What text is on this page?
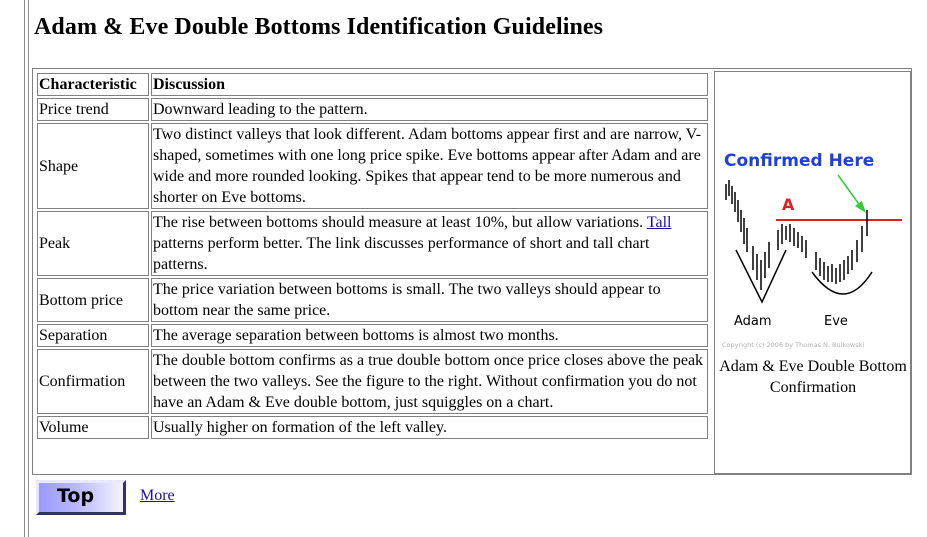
Adam & Eve Double Bottoms Identification Guidelines
Characteristic	Discussion
Price trend	Downward leading to the pattern.
Shape	Two distinct valleys that look different. Adam bottoms appear first and are narrow, V-shaped, sometimes with one long price spike. Eve bottoms appear after Adam and are wide and more rounded looking. Spikes that appear tend to be more numerous and shorter on Eve bottoms.
Peak	The rise between bottoms should measure at least 10%, but allow variations. Tall patterns perform better. The link discusses performance of short and tall chart patterns.
Bottom price	The price variation between bottoms is small. The two valleys should appear to bottom near the same price.
Separation	The average separation between bottoms is almost two months.
Confirmation	The double bottom confirms as a true double bottom once price closes above the peak between the two valleys. See the figure to the right. Without confirmation you do not have an Adam & Eve double bottom, just squiggles on a chart.
Volume	Usually higher on formation of the left valley.
Confirmed Here
A
Adam	Eve
Copyright (c) 2006 by Thomas N. Bulkowski
Adam & Eve Double Bottom Confirmation
Top	More
